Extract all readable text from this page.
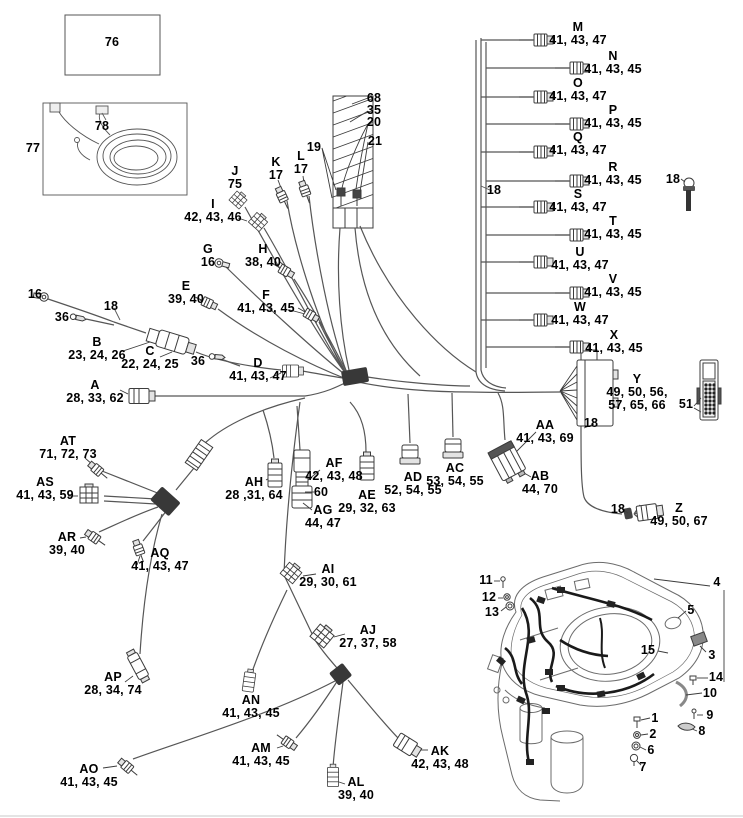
76
77
78
68
35
20
21
19
K
17
L
17
J
75
I
42, 43, 46
G
16
H
38, 40
E
39, 40	F
41, 43, 45
16
36
18
B
23, 24, 26	C
22, 24, 25 36	D
41, 43, 47
A
28, 33, 62
M
41, 43, 47
N
41, 43, 45
O
41, 43, 47
P
41, 43, 45
Q
41, 43, 47
R
41, 43, 45
18	S
41, 43, 47
T
41, 43, 45
U
41, 43, 47
V
41, 43, 45
W
41, 43, 47
X
41, 43, 45
18
Y
49, 50, 56,
57, 65, 66 51
18
AA
41, 43, 69
AB
44, 70
AC
53, 54, 55
AD
52, 54, 55
AE
29, 32, 63
AF
42, 43, 48
60
AG
44, 47
AH
28 ,31, 64
Z
49, 50, 67
18
AT
71, 72, 73
AS
41, 43, 59
AR
39, 40	AQ
41, 43, 47	AI
29, 30, 61
AJ
27, 37, 58
AP
28, 34, 74
AN
41, 43, 45
AO
41, 43, 45
AM
41, 43, 45
AL
39, 40
AK
42, 43, 48
11
12
13
4
5
3
15
14
10
9
8
1
2
6
7
